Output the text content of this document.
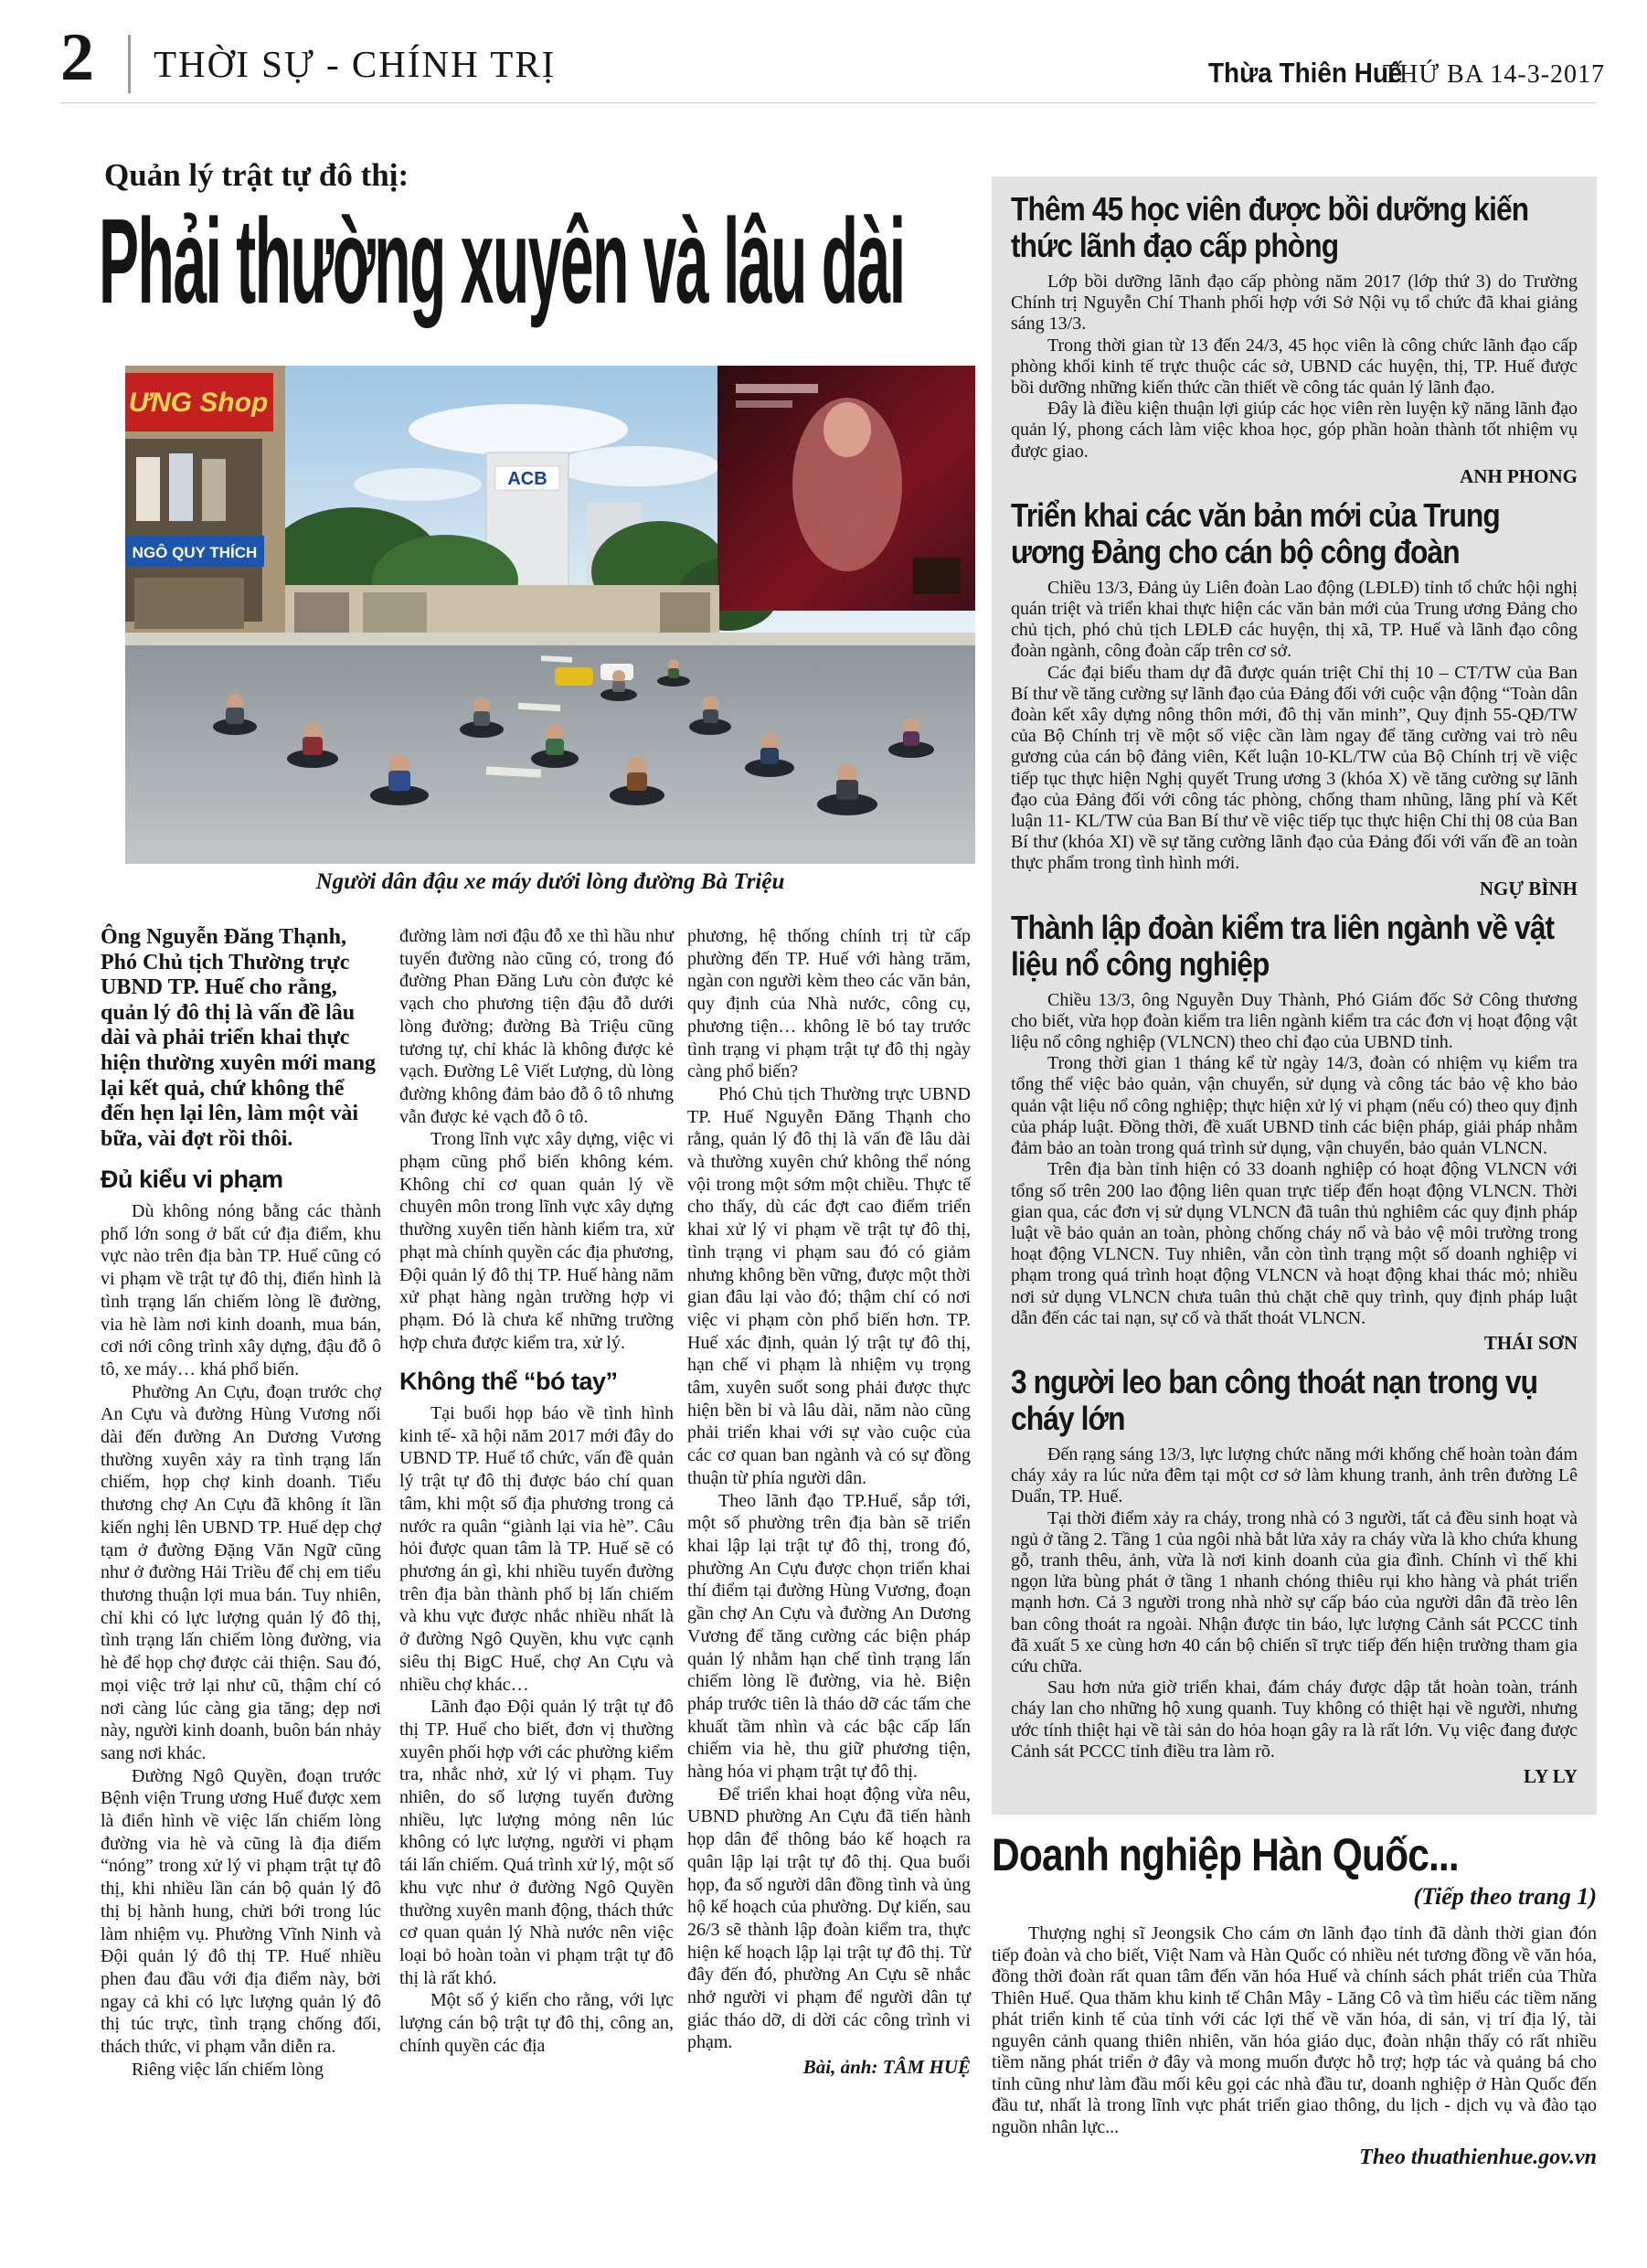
2 THỜI SỰ - CHÍNH TRỊ	Thừa Thiên Huế
THỨ BA 14-3-2017
Quản lý trật tự đô thị:
Phải thường xuyên và lâu dài
ACB
ƯNG Shop
NGÔ QUY THÍCH
Người dân đậu xe máy dưới lòng đường Bà Triệu

Ông Nguyễn Đăng Thạnh, Phó Chủ tịch Thường trực UBND TP. Huế cho rằng, quản lý đô thị là vấn đề lâu dài và phải triển khai thực hiện thường xuyên mới mang lại kết quả, chứ không thể đến hẹn lại lên, làm một vài bữa, vài đợt rồi thôi.

Đủ kiểu vi phạm

Dù không nóng bằng các thành phố lớn song ở bất cứ địa điểm, khu vực nào trên địa bàn TP. Huế cũng có vi phạm về trật tự đô thị, điển hình là tình trạng lấn chiếm lòng lề đường, via hè làm nơi kinh doanh, mua bán, cơi nới công trình xây dựng, đậu đỗ ô tô, xe máy… khá phổ biến.

Phường An Cựu, đoạn trước chợ An Cựu và đường Hùng Vương nối dài đến đường An Dương Vương thường xuyên xảy ra tình trạng lấn chiếm, họp chợ kinh doanh. Tiểu thương chợ An Cựu đã không ít lần kiến nghị lên UBND TP. Huế dẹp chợ tạm ở đường Đặng Văn Ngữ cũng như ở đường Hải Triều để chị em tiểu thương thuận lợi mua bán. Tuy nhiên, chỉ khi có lực lượng quản lý đô thị, tình trạng lấn chiếm lòng đường, via hè để họp chợ được cải thiện. Sau đó, mọi việc trở lại như cũ, thậm chí có nơi càng lúc càng gia tăng; dẹp nơi này, người kinh doanh, buôn bán nhảy sang nơi khác.

Đường Ngô Quyền, đoạn trước Bệnh viện Trung ương Huế được xem là điển hình về việc lấn chiếm lòng đường via hè và cũng là địa điểm “nóng” trong xử lý vi phạm trật tự đô thị, khi nhiều lần cán bộ quản lý đô thị bị hành hung, chửi bới trong lúc làm nhiệm vụ. Phường Vĩnh Ninh và Đội quản lý đô thị TP. Huế nhiều phen đau đầu với địa điểm này, bởi ngay cả khi có lực lượng quản lý đô thị túc trực, tình trạng chống đối, thách thức, vi phạm vẫn diễn ra.

Riêng việc lấn chiếm lòng

đường làm nơi đậu đỗ xe thì hầu như tuyến đường nào cũng có, trong đó đường Phan Đăng Lưu còn được kẻ vạch cho phương tiện đậu đỗ dưới lòng đường; đường Bà Triệu cũng tương tự, chỉ khác là không được kẻ vạch. Đường Lê Viết Lượng, dù lòng đường không đảm bảo đỗ ô tô nhưng vẫn được kẻ vạch đỗ ô tô.

Trong lĩnh vực xây dựng, việc vi phạm cũng phổ biến không kém. Không chỉ cơ quan quản lý về chuyên môn trong lĩnh vực xây dựng thường xuyên tiến hành kiểm tra, xử phạt mà chính quyền các địa phương, Đội quản lý đô thị TP. Huế hàng năm xử phạt hàng ngàn trường hợp vi phạm. Đó là chưa kể những trường hợp chưa được kiểm tra, xử lý.

Không thể “bó tay”

Tại buổi họp báo về tình hình kinh tế- xã hội năm 2017 mới đây do UBND TP. Huế tổ chức, vấn đề quản lý trật tự đô thị được báo chí quan tâm, khi một số địa phương trong cả nước ra quân “giành lại via hè”. Câu hỏi được quan tâm là TP. Huế sẽ có phương án gì, khi nhiều tuyến đường trên địa bàn thành phố bị lấn chiếm và khu vực được nhắc nhiều nhất là ở đường Ngô Quyền, khu vực cạnh siêu thị BigC Huế, chợ An Cựu và nhiều chợ khác…

Lãnh đạo Đội quản lý trật tự đô thị TP. Huế cho biết, đơn vị thường xuyên phối hợp với các phường kiểm tra, nhắc nhở, xử lý vi phạm. Tuy nhiên, do số lượng tuyến đường nhiều, lực lượng mỏng nên lúc không có lực lượng, người vi phạm tái lấn chiếm. Quá trình xử lý, một số khu vực như ở đường Ngô Quyền thường xuyên manh động, thách thức cơ quan quản lý Nhà nước nên việc loại bỏ hoàn toàn vi phạm trật tự đô thị là rất khó.

Một số ý kiến cho rằng, với lực lượng cán bộ trật tự đô thị, công an, chính quyền các địa

phương, hệ thống chính trị từ cấp phường đến TP. Huế với hàng trăm, ngàn con người kèm theo các văn bản, quy định của Nhà nước, công cụ, phương tiện… không lẽ bó tay trước tình trạng vi phạm trật tự đô thị ngày càng phổ biến?

Phó Chủ tịch Thường trực UBND TP. Huế Nguyễn Đăng Thạnh cho rằng, quản lý đô thị là vấn đề lâu dài và thường xuyên chứ không thể nóng vội trong một sớm một chiều. Thực tế cho thấy, dù các đợt cao điểm triển khai xử lý vi phạm về trật tự đô thị, tình trạng vi phạm sau đó có giảm nhưng không bền vững, được một thời gian đâu lại vào đó; thậm chí có nơi việc vi phạm còn phổ biến hơn. TP. Huế xác định, quản lý trật tự đô thị, hạn chế vi phạm là nhiệm vụ trọng tâm, xuyên suốt song phải được thực hiện bền bỉ và lâu dài, năm nào cũng phải triển khai với sự vào cuộc của các cơ quan ban ngành và có sự đồng thuận từ phía người dân.

Theo lãnh đạo TP.Huế, sắp tới, một số phường trên địa bàn sẽ triển khai lập lại trật tự đô thị, trong đó, phường An Cựu được chọn triển khai thí điểm tại đường Hùng Vương, đoạn gần chợ An Cựu và đường An Dương Vương để tăng cường các biện pháp quản lý nhằm hạn chế tình trạng lấn chiếm lòng lề đường, via hè. Biện pháp trước tiên là tháo dỡ các tấm che khuất tầm nhìn và các bậc cấp lấn chiếm via hè, thu giữ phương tiện, hàng hóa vi phạm trật tự đô thị.

Để triển khai hoạt động vừa nêu, UBND phường An Cựu đã tiến hành họp dân để thông báo kế hoạch ra quân lập lại trật tự đô thị. Qua buổi họp, đa số người dân đồng tình và ủng hộ kế hoạch của phường. Dự kiến, sau 26/3 sẽ thành lập đoàn kiểm tra, thực hiện kế hoạch lập lại trật tự đô thị. Từ đây đến đó, phường An Cựu sẽ nhắc nhở người vi phạm để người dân tự giác tháo dỡ, di dời các công trình vi phạm.

Bài, ảnh: TÂM HUỆ

Thêm 45 học viên được bồi dưỡng kiến thức lãnh đạo cấp phòng

Lớp bồi dưỡng lãnh đạo cấp phòng năm 2017 (lớp thứ 3) do Trường Chính trị Nguyễn Chí Thanh phối hợp với Sở Nội vụ tổ chức đã khai giảng sáng 13/3.

Trong thời gian từ 13 đến 24/3, 45 học viên là công chức lãnh đạo cấp phòng khối kinh tế trực thuộc các sở, UBND các huyện, thị, TP. Huế được bồi dưỡng những kiến thức cần thiết về công tác quản lý lãnh đạo.

Đây là điều kiện thuận lợi giúp các học viên rèn luyện kỹ năng lãnh đạo quản lý, phong cách làm việc khoa học, góp phần hoàn thành tốt nhiệm vụ được giao.

ANH PHONG
Triển khai các văn bản mới của Trung ương Đảng cho cán bộ công đoàn

Chiều 13/3, Đảng ủy Liên đoàn Lao động (LĐLĐ) tỉnh tổ chức hội nghị quán triệt và triển khai thực hiện các văn bản mới của Trung ương Đảng cho chủ tịch, phó chủ tịch LĐLĐ các huyện, thị xã, TP. Huế và lãnh đạo công đoàn ngành, công đoàn cấp trên cơ sở.

Các đại biểu tham dự đã được quán triệt Chỉ thị 10 – CT/TW của Ban Bí thư về tăng cường sự lãnh đạo của Đảng đối với cuộc vận động “Toàn dân đoàn kết xây dựng nông thôn mới, đô thị văn minh”, Quy định 55-QĐ/TW của Bộ Chính trị về một số việc cần làm ngay để tăng cường vai trò nêu gương của cán bộ đảng viên, Kết luận 10-KL/TW của Bộ Chính trị về việc tiếp tục thực hiện Nghị quyết Trung ương 3 (khóa X) về tăng cường sự lãnh đạo của Đảng đối với công tác phòng, chống tham nhũng, lãng phí và Kết luận 11- KL/TW của Ban Bí thư về việc tiếp tục thực hiện Chỉ thị 08 của Ban Bí thư (khóa XI) về sự tăng cường lãnh đạo của Đảng đối với vấn đề an toàn thực phẩm trong tình hình mới.

NGỰ BÌNH
Thành lập đoàn kiểm tra liên ngành về vật liệu nổ công nghiệp

Chiều 13/3, ông Nguyễn Duy Thành, Phó Giám đốc Sở Công thương cho biết, vừa họp đoàn kiểm tra liên ngành kiểm tra các đơn vị hoạt động vật liệu nổ công nghiệp (VLNCN) theo chỉ đạo của UBND tỉnh.

Trong thời gian 1 tháng kể từ ngày 14/3, đoàn có nhiệm vụ kiểm tra tổng thể việc bảo quản, vận chuyển, sử dụng và công tác bảo vệ kho bảo quản vật liệu nổ công nghiệp; thực hiện xử lý vi phạm (nếu có) theo quy định của pháp luật. Đồng thời, đề xuất UBND tỉnh các biện pháp, giải pháp nhằm đảm bảo an toàn trong quá trình sử dụng, vận chuyển, bảo quản VLNCN.

Trên địa bàn tỉnh hiện có 33 doanh nghiệp có hoạt động VLNCN với tổng số trên 200 lao động liên quan trực tiếp đến hoạt động VLNCN. Thời gian qua, các đơn vị sử dụng VLNCN đã tuân thủ nghiêm các quy định pháp luật về bảo quản an toàn, phòng chống cháy nổ và bảo vệ môi trường trong hoạt động VLNCN. Tuy nhiên, vẫn còn tình trạng một số doanh nghiệp vi phạm trong quá trình hoạt động VLNCN và hoạt động khai thác mỏ; nhiều nơi sử dụng VLNCN chưa tuân thủ chặt chẽ quy trình, quy định pháp luật dẫn đến các tai nạn, sự cố và thất thoát VLNCN.

THÁI SƠN
3 người leo ban công thoát nạn trong vụ cháy lớn

Đến rạng sáng 13/3, lực lượng chức năng mới khống chế hoàn toàn đám cháy xảy ra lúc nửa đêm tại một cơ sở làm khung tranh, ảnh trên đường Lê Duẩn, TP. Huế.

Tại thời điểm xảy ra cháy, trong nhà có 3 người, tất cả đều sinh hoạt và ngủ ở tầng 2. Tầng 1 của ngôi nhà bắt lửa xảy ra cháy vừa là kho chứa khung gỗ, tranh thêu, ảnh, vừa là nơi kinh doanh của gia đình. Chính vì thế khi ngọn lửa bùng phát ở tầng 1 nhanh chóng thiêu rụi kho hàng và phát triển mạnh hơn. Cả 3 người trong nhà nhờ sự cấp báo của người dân đã trèo lên ban công thoát ra ngoài. Nhận được tin báo, lực lượng Cảnh sát PCCC tỉnh đã xuất 5 xe cùng hơn 40 cán bộ chiến sĩ trực tiếp đến hiện trường tham gia cứu chữa.

Sau hơn nửa giờ triển khai, đám cháy được dập tắt hoàn toàn, tránh cháy lan cho những hộ xung quanh. Tuy không có thiệt hại về người, nhưng ước tính thiệt hại về tài sản do hỏa hoạn gây ra là rất lớn. Vụ việc đang được Cảnh sát PCCC tỉnh điều tra làm rõ.

LY LY
Doanh nghiệp Hàn Quốc...
(Tiếp theo trang 1)

Thượng nghị sĩ Jeongsik Cho cám ơn lãnh đạo tỉnh đã dành thời gian đón tiếp đoàn và cho biết, Việt Nam và Hàn Quốc có nhiều nét tương đồng về văn hóa, đồng thời đoàn rất quan tâm đến văn hóa Huế và chính sách phát triển của Thừa Thiên Huế. Qua thăm khu kinh tế Chân Mây - Lăng Cô và tìm hiểu các tiềm năng phát triển kinh tế của tỉnh với các lợi thế về văn hóa, di sản, vị trí địa lý, tài nguyên cảnh quang thiên nhiên, văn hóa giáo dục, đoàn nhận thấy có rất nhiều tiềm năng phát triển ở đây và mong muốn được hỗ trợ; hợp tác và quảng bá cho tỉnh cũng như làm đầu mối kêu gọi các nhà đầu tư, doanh nghiệp ở Hàn Quốc đến đầu tư, nhất là trong lĩnh vực phát triển giao thông, du lịch - dịch vụ và đào tạo nguồn nhân lực...

Theo thuathienhue.gov.vn
